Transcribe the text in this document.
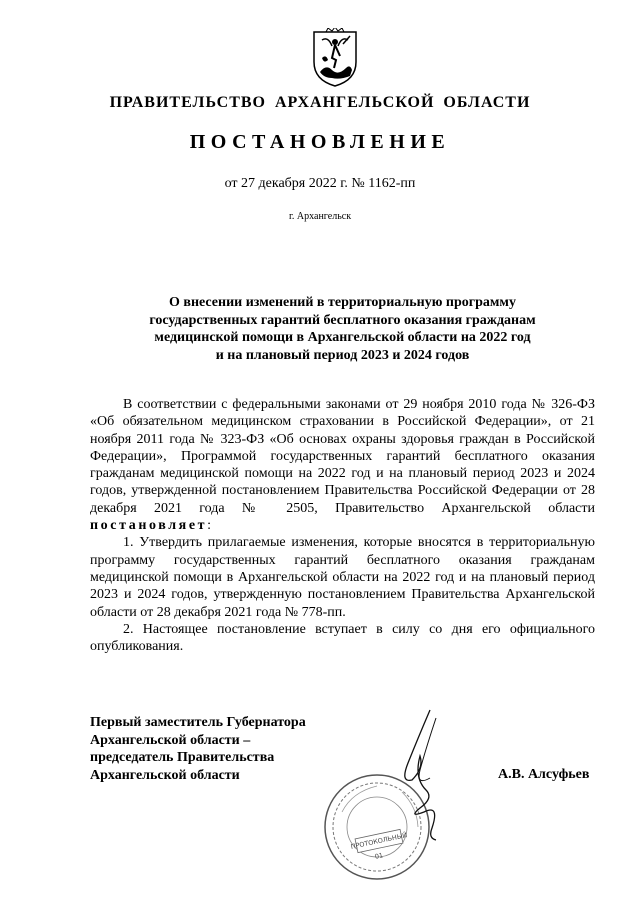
ПРАВИТЕЛЬСТВО АРХАНГЕЛЬСКОЙ ОБЛАСТИ
ПОСТАНОВЛЕНИЕ
от 27 декабря 2022 г. № 1162-пп
г. Архангельск
О внесении изменений в территориальную программу
государственных гарантий бесплатного оказания гражданам
медицинской помощи в Архангельской области на 2022 год
и на плановый период 2023 и 2024 годов

В соответствии с федеральными законами от 29 ноября 2010 года № 326-ФЗ «Об обязательном медицинском страховании в Российской Федерации», от 21 ноября 2011 года № 323-ФЗ «Об основах охраны здоровья граждан в Российской Федерации», Программой государственных гарантий бесплатного оказания гражданам медицинской помощи на 2022 год и на плановый период 2023 и 2024 годов, утвержденной постановлением Правительства Российской Федерации от 28 декабря 2021 года № 2505, Правительство Архангельской области постановляет:

1. Утвердить прилагаемые изменения, которые вносятся в территориальную программу государственных гарантий бесплатного оказания гражданам медицинской помощи в Архангельской области на 2022 год и на плановый период 2023 и 2024 годов, утвержденную постановлением Правительства Архангельской области от 28 декабря 2021 года № 778-пп.

2. Настоящее постановление вступает в силу со дня его официального опубликования.

Первый заместитель Губернатора
Архангельской области –
председатель Правительства
Архангельской области
ПРОТОКОЛЬНЫЙ
01
А.В. Алсуфьев
